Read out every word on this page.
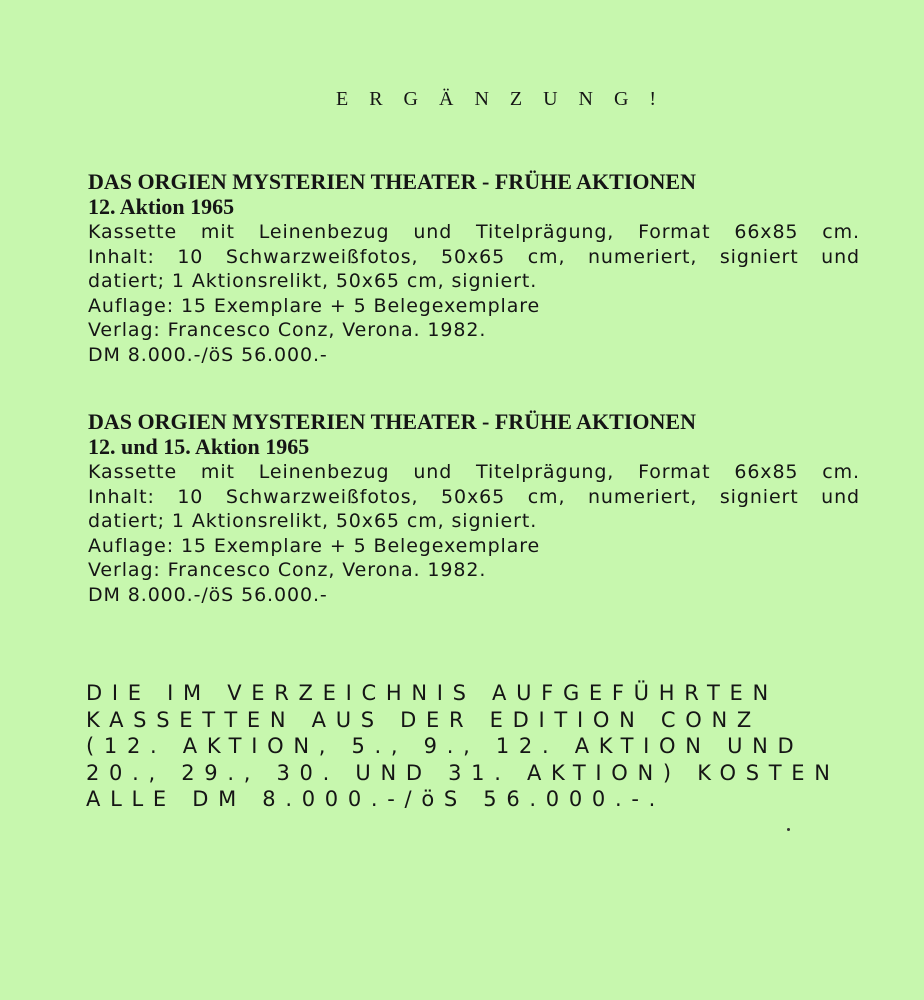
E R G Ä N Z U N G !
DAS ORGIEN MYSTERIEN THEATER - FRÜHE AKTIONEN
12. Aktion 1965
Kassette mit Leinenbezug und Titelprägung, Format 66x85 cm.
Inhalt: 10 Schwarzweißfotos, 50x65 cm, numeriert, signiert und
datiert; 1 Aktionsrelikt, 50x65 cm, signiert.
Auflage: 15 Exemplare + 5 Belegexemplare
Verlag: Francesco Conz, Verona. 1982.
DM 8.000.-/öS 56.000.-
DAS ORGIEN MYSTERIEN THEATER - FRÜHE AKTIONEN
12. und 15. Aktion 1965
Kassette mit Leinenbezug und Titelprägung, Format 66x85 cm.
Inhalt: 10 Schwarzweißfotos, 50x65 cm, numeriert, signiert und
datiert; 1 Aktionsrelikt, 50x65 cm, signiert.
Auflage: 15 Exemplare + 5 Belegexemplare
Verlag: Francesco Conz, Verona. 1982.
DM 8.000.-/öS 56.000.-
DIE IM VERZEICHNIS AUFGEFÜHRTEN
KASSETTEN AUS DER EDITION CONZ
(12. AKTION, 5., 9., 12. AKTION UND
20., 29., 30. UND 31. AKTION) KOSTEN
ALLE DM 8.000.-/öS 56.000.-.
